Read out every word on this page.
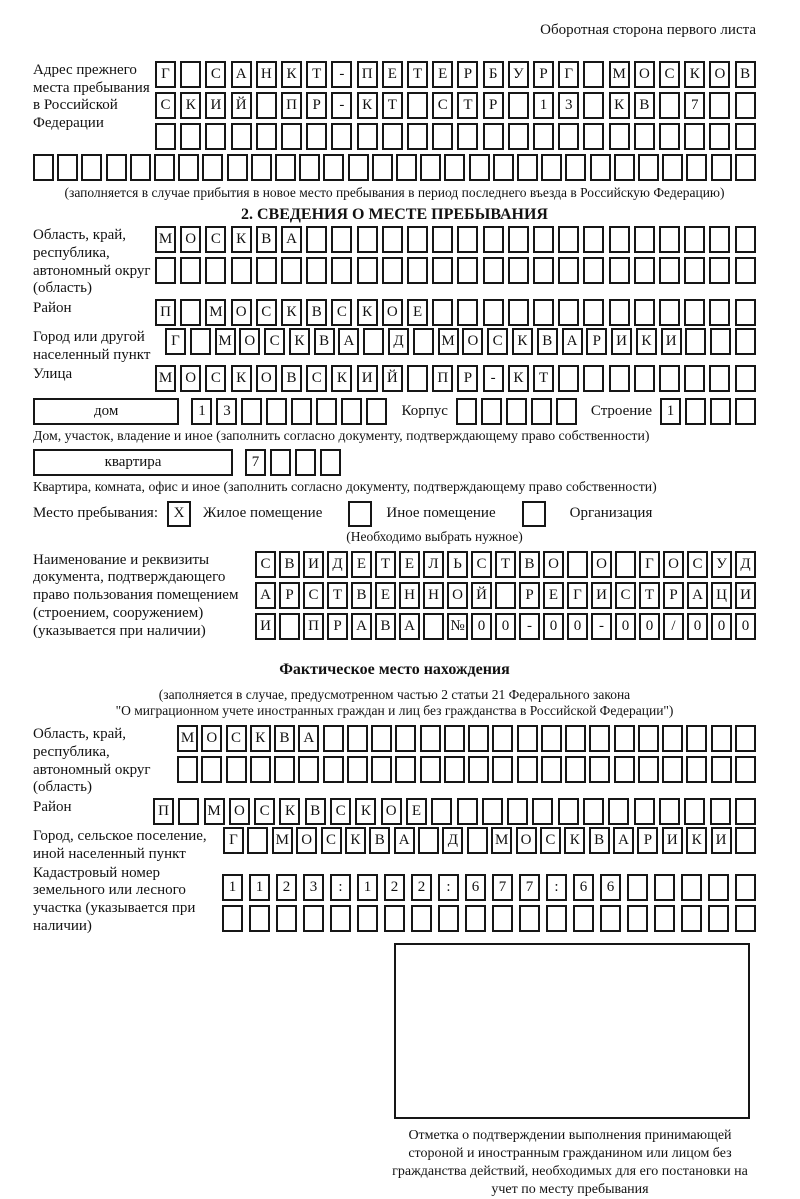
Оборотная сторона первого листа
Адрес прежнего места пребывания в Российской Федерации
Г	С А Н К	Т	-	П	Е	Т	Е	Р	Б	У	Р	Г	М О С	К О В
С	К И Й	П	Р	-	К	Т	С	Т	Р	1	3	К	В	7
(заполняется в случае прибытия в новое место пребывания в период последнего въезда в Российскую Федерацию)
2. СВЕДЕНИЯ О МЕСТЕ ПРЕБЫВАНИЯ
Область, край, республика, автономный округ (область)
М О С	К	В А
Район	П	М О С	К	В	С	К О	Е
Город или другой населенный пункт
Г	М О С К В А	Д	М О С К В А	Р	И К И
Улица	М О С	К О В	С	К И Й	П	Р	-	К	Т
дом	1	3	Корпус	Строение 1
Дом, участок, владение и иное (заполнить согласно документу, подтверждающему право собственности)
квартира	7
Квартира, комната, офис и иное (заполнить согласно документу, подтверждающему право собственности)
Место пребывания:	X	Жилое помещение	Иное помещение	Организация
(Необходимо выбрать нужное)
Наименование и реквизиты документа, подтверждающего право пользования помещением (строением, сооружением) (указывается при наличии)
С В И Д Е Т Е Л Ь С Т В О	О	Г О С У Д
А Р С Т В Е Н Н О Й	Р	Е	Г И С Т	Р А Ц И
И	П Р А В А	№ 0	0	-	0	0	-	0	0	/	0	0	0
Фактическое место нахождения
(заполняется в случае, предусмотренном частью 2 статьи 21 Федерального закона
"О миграционном учете иностранных граждан и лиц без гражданства в Российской Федерации")
Область, край, республика, автономный округ (область)
М О С К В А
Район	П	М О С	К	В	С	К О	Е
Город, сельское поселение, иной населенный пункт
Г	М О С К В А	Д	М О С К В А Р И К И
Кадастровый номер земельного или лесного участка (указывается при наличии)
1	1	2	3	:	1	2	2	:	6	7	7	:	6	6
Отметка о подтверждении выполнения принимающей стороной и иностранным гражданином или лицом без гражданства действий, необходимых для его постановки на учет по месту пребывания
